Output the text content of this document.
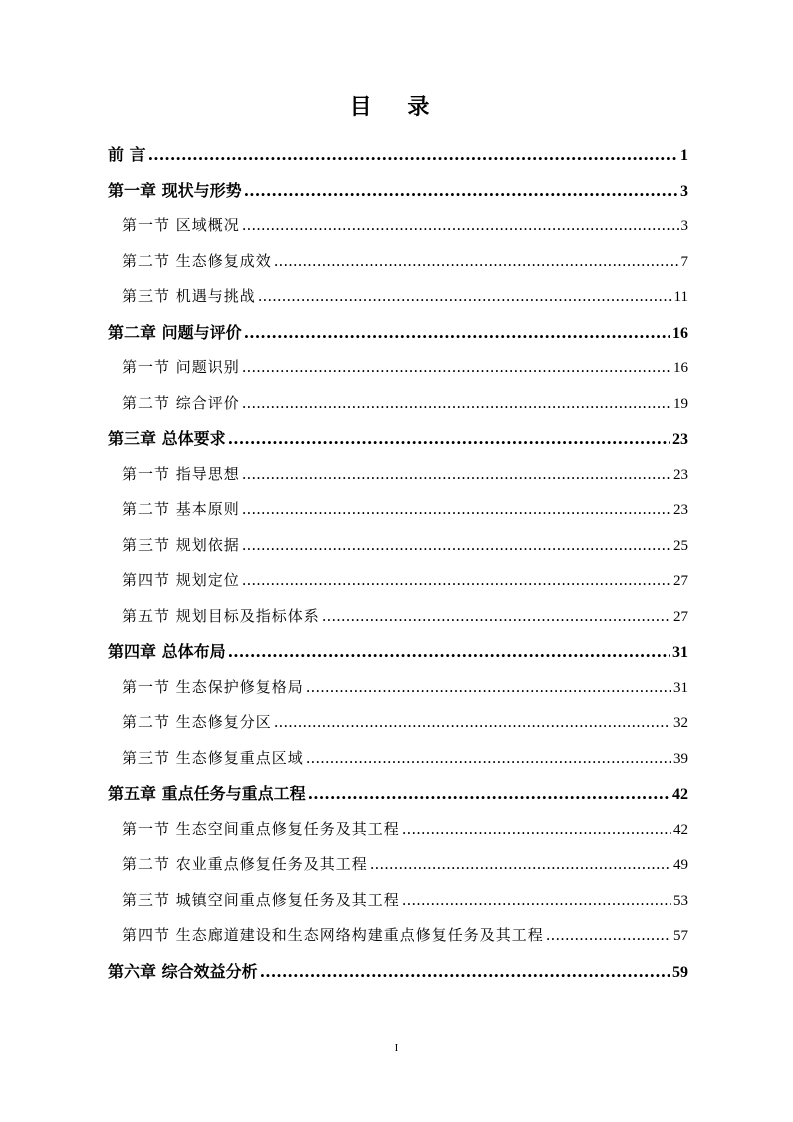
目 录
前 言 .....	1
第一章 现状与形势 .....	3
第一节 区域概况 .....	3
第二节 生态修复成效 .....	7
第三节 机遇与挑战 .....	11
第二章 问题与评价 .....	16
第一节 问题识别 .....	16
第二节 综合评价 .....	19
第三章 总体要求 .....	23
第一节 指导思想 .....	23
第二节 基本原则 .....	23
第三节 规划依据 .....	25
第四节 规划定位 .....	27
第五节 规划目标及指标体系 .....	27
第四章 总体布局 .....	31
第一节 生态保护修复格局 .....	31
第二节 生态修复分区 .....	32
第三节 生态修复重点区域 .....	39
第五章 重点任务与重点工程 .....	42
第一节 生态空间重点修复任务及其工程 .....	42
第二节 农业重点修复任务及其工程 .....	49
第三节 城镇空间重点修复任务及其工程 .....	53
第四节 生态廊道建设和生态网络构建重点修复任务及其工程 .....	57
第六章 综合效益分析 .....	59
I
